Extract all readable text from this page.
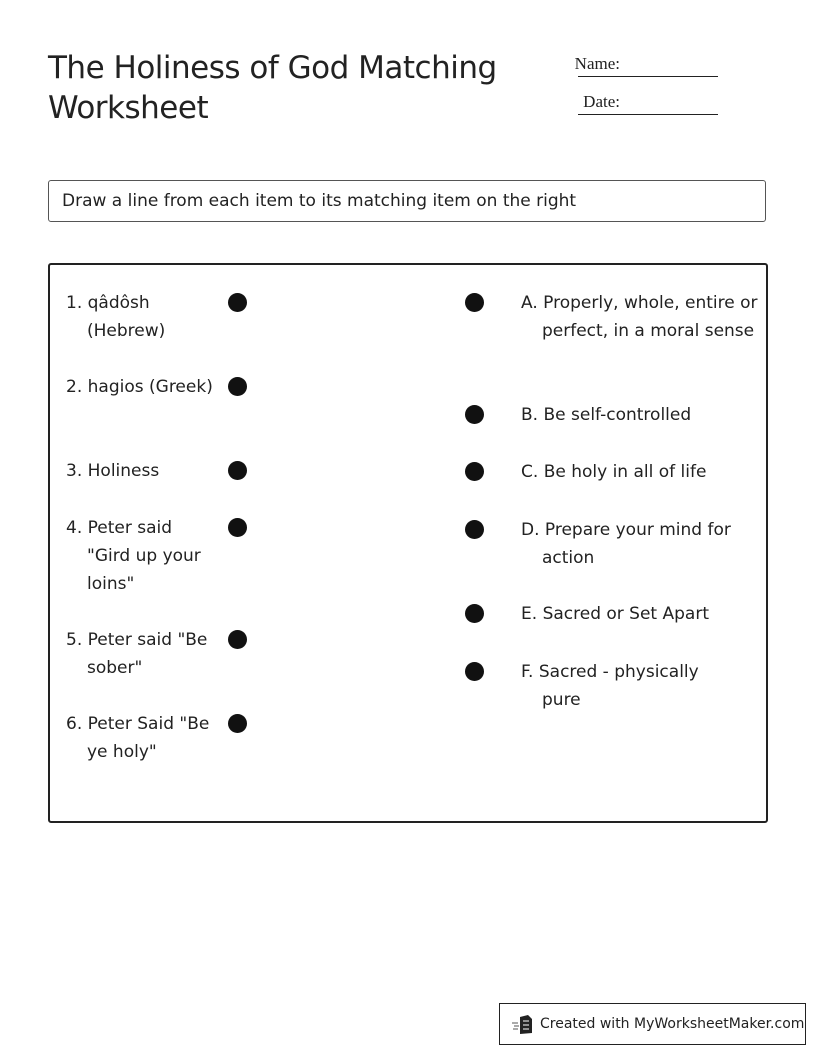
The Holiness of God Matching Worksheet
Name:
Date:
Draw a line from each item to its matching item on the right
1. qâdôsh (Hebrew)
2. hagios (Greek)
3. Holiness
4. Peter said "Gird up your loins"
5. Peter said "Be sober"
6. Peter Said "Be ye holy"
A. Properly, whole, entire or perfect, in a moral sense
B. Be self-controlled
C. Be holy in all of life
D. Prepare your mind for action
E. Sacred or Set Apart
F. Sacred - physically pure
Created with MyWorksheetMaker.com
